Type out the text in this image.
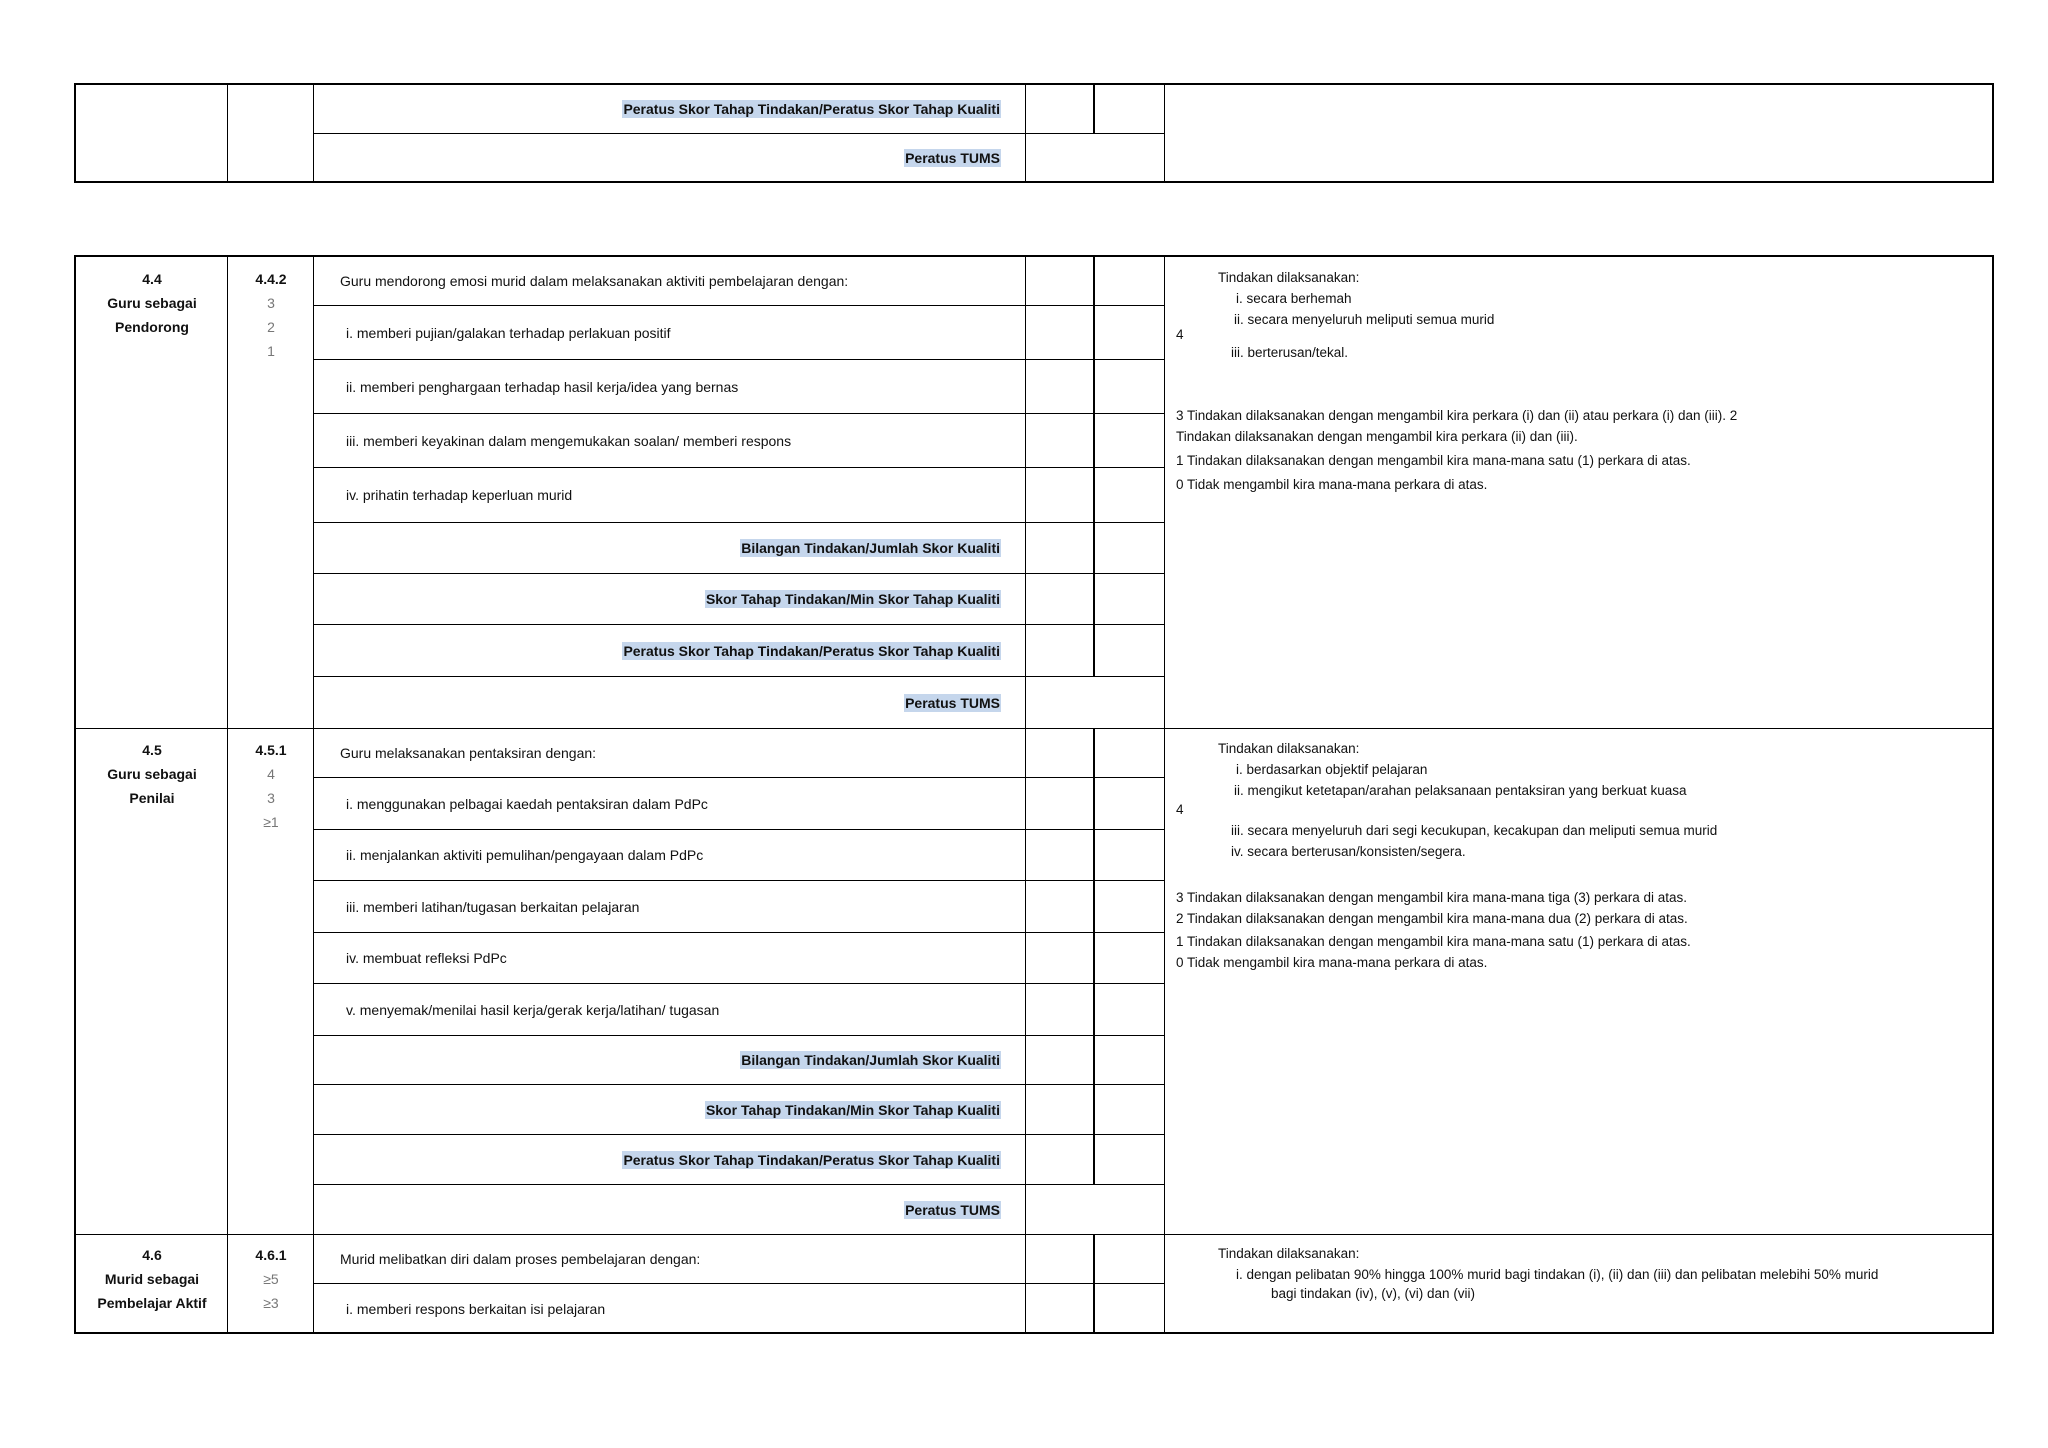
Peratus Skor Tahap Tindakan/Peratus Skor Tahap Kualiti
Peratus TUMS
4.4
Guru sebagai
Pendorong
4.4.2
3
2
1
Guru mendorong emosi murid dalam melaksanakan aktiviti pembelajaran dengan:
i. memberi pujian/galakan terhadap perlakuan positif
ii. memberi penghargaan terhadap hasil kerja/idea yang bernas
iii. memberi keyakinan dalam mengemukakan soalan/ memberi respons
iv. prihatin terhadap keperluan murid
Bilangan Tindakan/Jumlah Skor Kualiti
Skor Tahap Tindakan/Min Skor Tahap Kualiti
Peratus Skor Tahap Tindakan/Peratus Skor Tahap Kualiti
Peratus TUMS

Tindakan dilaksanakan:

i. secara berhemah

ii. secara menyeluruh meliputi semua murid

4

iii. berterusan/tekal.

3 Tindakan dilaksanakan dengan mengambil kira perkara (i) dan (ii) atau perkara (i) dan (iii). 2

Tindakan dilaksanakan dengan mengambil kira perkara (ii) dan (iii).

1 Tindakan dilaksanakan dengan mengambil kira mana-mana satu (1) perkara di atas.

0 Tidak mengambil kira mana-mana perkara di atas.

4.5
Guru sebagai
Penilai
4.5.1
4
3
≥1
Guru melaksanakan pentaksiran dengan:
i. menggunakan pelbagai kaedah pentaksiran dalam PdPc
ii. menjalankan aktiviti pemulihan/pengayaan dalam PdPc
iii. memberi latihan/tugasan berkaitan pelajaran
iv. membuat refleksi PdPc
v. menyemak/menilai hasil kerja/gerak kerja/latihan/ tugasan
Bilangan Tindakan/Jumlah Skor Kualiti
Skor Tahap Tindakan/Min Skor Tahap Kualiti
Peratus Skor Tahap Tindakan/Peratus Skor Tahap Kualiti
Peratus TUMS

Tindakan dilaksanakan:

i. berdasarkan objektif pelajaran

ii. mengikut ketetapan/arahan pelaksanaan pentaksiran yang berkuat kuasa

4

iii. secara menyeluruh dari segi kecukupan, kecakupan dan meliputi semua murid

iv. secara berterusan/konsisten/segera.

3 Tindakan dilaksanakan dengan mengambil kira mana-mana tiga (3) perkara di atas.

2 Tindakan dilaksanakan dengan mengambil kira mana-mana dua (2) perkara di atas.

1 Tindakan dilaksanakan dengan mengambil kira mana-mana satu (1) perkara di atas.

0 Tidak mengambil kira mana-mana perkara di atas.

4.6
Murid sebagai
Pembelajar Aktif
4.6.1
≥5
≥3
Murid melibatkan diri dalam proses pembelajaran dengan:
i. memberi respons berkaitan isi pelajaran

Tindakan dilaksanakan:

i. dengan pelibatan 90% hingga 100% murid bagi tindakan (i), (ii) dan (iii) dan pelibatan melebihi 50% murid

bagi tindakan (iv), (v), (vi) dan (vii)
